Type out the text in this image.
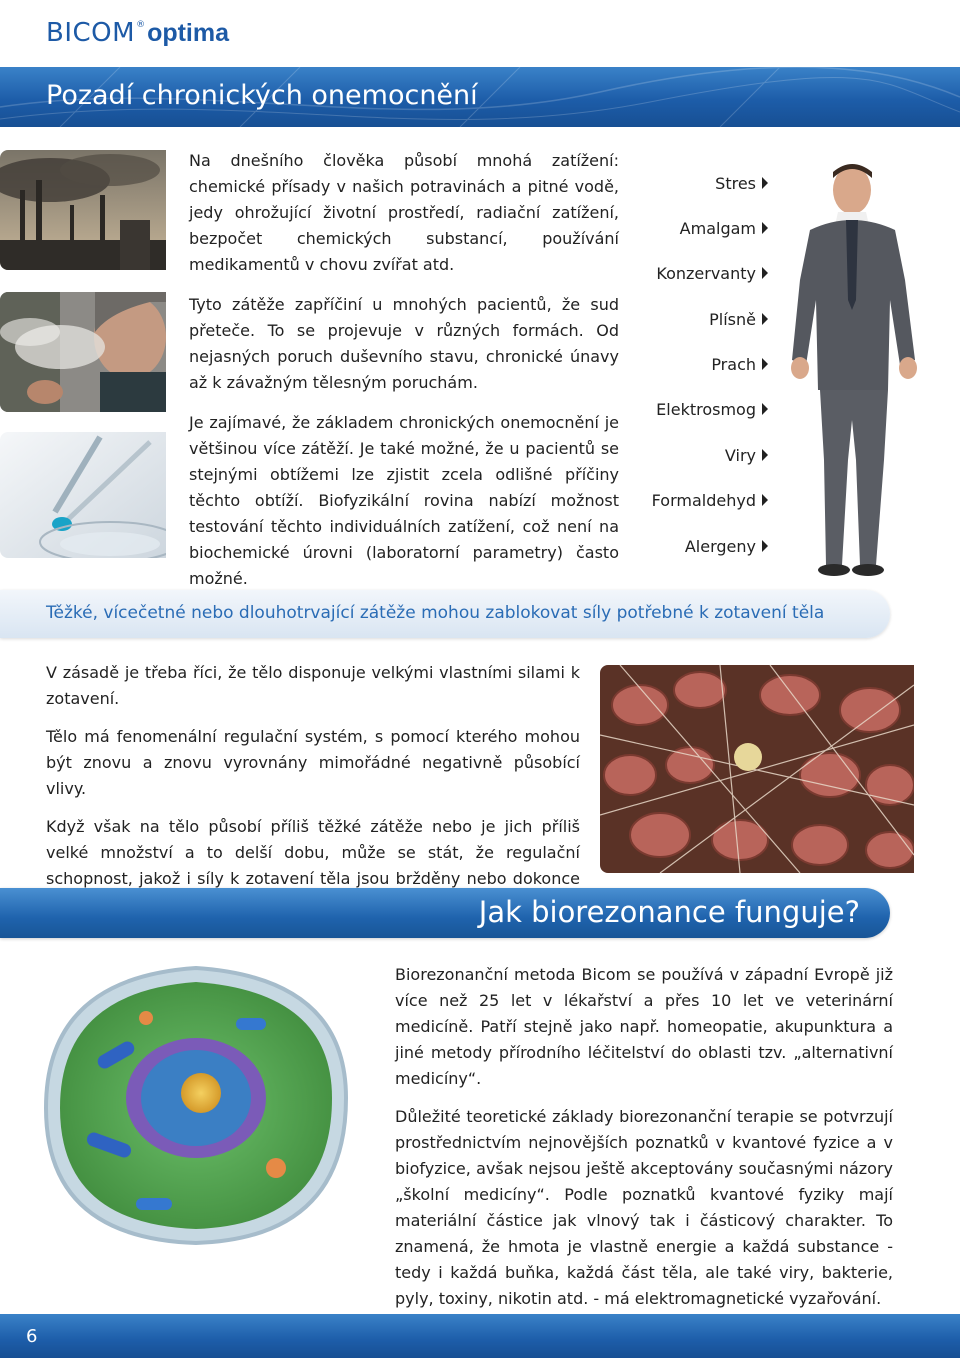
BICOM®optima
Pozadí chronických onemocnění

Na dnešního člověka působí mnohá zatížení: chemické přísady v našich potravinách a pitné vodě, jedy ohrožující životní prostředí, radiační zatížení, bezpočet chemických substancí, používání medikamentů v chovu zvířat atd.

Tyto zátěže zapříčiní u mnohých pacientů, že sud přeteče. To se projevuje v různých formách. Od nejasných poruch duševního stavu, chronické únavy až k závažným tělesným poruchám.

Je zajímavé, že základem chronických onemocnění je většinou více zátěží. Je také možné, že u pacientů se stejnými obtížemi lze zjistit zcela odlišné příčiny těchto obtíží. Biofyzikální rovina nabízí možnost testování těchto individuálních zatížení, což není na biochemické úrovni (laboratorní parametry) často možné.

Stres
Amalgam
Konzervanty
Plísně
Prach
Elektrosmog
Viry
Formaldehyd
Alergeny
Těžké, vícečetné nebo dlouhotrvající zátěže mohou zablokovat síly potřebné k zotavení těla

V zásadě je třeba říci, že tělo disponuje velkými vlastními silami k zotavení.

Tělo má fenomenální regulační systém, s pomocí kterého mohou být znovu a znovu vyrovnány mimořádné negativně působící vlivy.

Když však na tělo působí příliš těžké zátěže nebo je jich příliš velké množství a to delší dobu, může se stát, že regulační schopnost, jakož i síly k zotavení těla jsou bržděny nebo dokonce

Jak biorezonance funguje?

Biorezonanční metoda Bicom se používá v západní Evropě již více než 25 let v lékařství a přes 10 let ve veterinární medicíně. Patří stejně jako např. homeopatie, akupunktura a jiné metody přírodního léčitelství do oblasti tzv. „alternativní medicíny“.

Důležité teoretické základy biorezonanční terapie se potvrzují prostřednictvím nejnovějších poznatků v kvantové fyzice a v biofyzice, avšak nejsou ještě akceptovány současnými názory „školní medicíny“. Podle poznatků kvantové fyziky mají materiální částice jak vlnový tak i částicový charakter. To znamená, že hmota je vlastně energie a každá substance - tedy i každá buňka, každá část těla, ale také viry, bakterie, pyly, toxiny, nikotin atd. - má elektromagnetické vyzařování.

6
